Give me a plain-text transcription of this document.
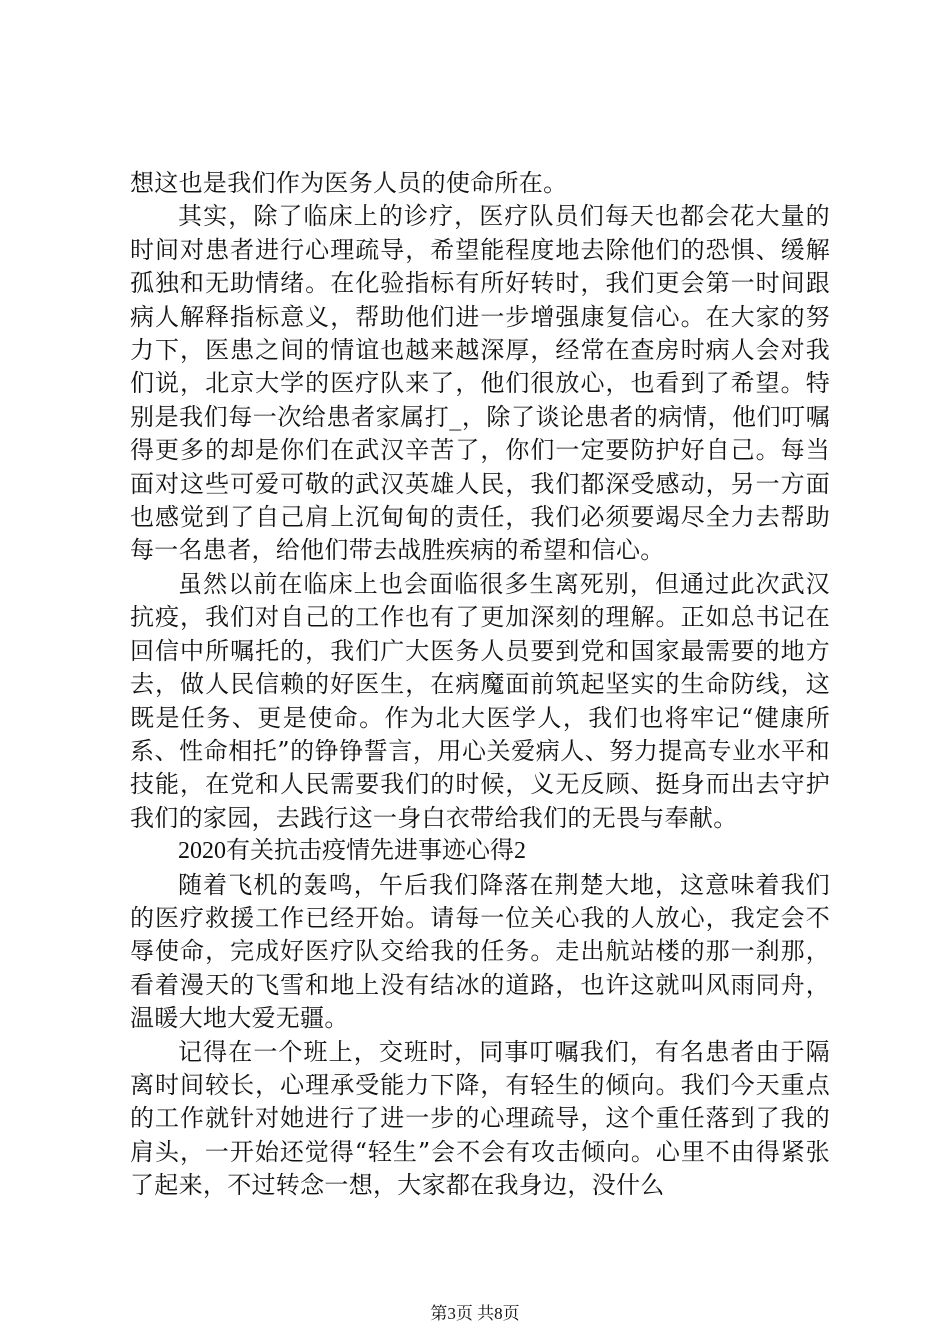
想这也是我们作为医务人员的使命所在。

其实，除了临床上的诊疗，医疗队员们每天也都会花大量的时间对患者进行心理疏导，希望能程度地去除他们的恐惧、缓解孤独和无助情绪。在化验指标有所好转时，我们更会第一时间跟病人解释指标意义，帮助他们进一步增强康复信心。在大家的努力下，医患之间的情谊也越来越深厚，经常在查房时病人会对我们说，北京大学的医疗队来了，他们很放心，也看到了希望。特别是我们每一次给患者家属打_，除了谈论患者的病情，他们叮嘱得更多的却是你们在武汉辛苦了，你们一定要防护好自己。每当面对这些可爱可敬的武汉英雄人民，我们都深受感动，另一方面也感觉到了自己肩上沉甸甸的责任，我们必须要竭尽全力去帮助每一名患者，给他们带去战胜疾病的希望和信心。

虽然以前在临床上也会面临很多生离死别，但通过此次武汉抗疫，我们对自己的工作也有了更加深刻的理解。正如总书记在回信中所嘱托的，我们广大医务人员要到党和国家最需要的地方去，做人民信赖的好医生，在病魔面前筑起坚实的生命防线，这既是任务、更是使命。作为北大医学人，我们也将牢记“健康所系、性命相托”的铮铮誓言，用心关爱病人、努力提高专业水平和技能，在党和人民需要我们的时候，义无反顾、挺身而出去守护我们的家园，去践行这一身白衣带给我们的无畏与奉献。

2020有关抗击疫情先进事迹心得2

随着飞机的轰鸣，午后我们降落在荆楚大地，这意味着我们的医疗救援工作已经开始。请每一位关心我的人放心，我定会不辱使命，完成好医疗队交给我的任务。走出航站楼的那一刹那，看着漫天的飞雪和地上没有结冰的道路，也许这就叫风雨同舟，温暖大地大爱无疆。

记得在一个班上，交班时，同事叮嘱我们，有名患者由于隔离时间较长，心理承受能力下降，有轻生的倾向。我们今天重点的工作就针对她进行了进一步的心理疏导，这个重任落到了我的肩头，一开始还觉得“轻生”会不会有攻击倾向。心里不由得紧张了起来，不过转念一想，大家都在我身边，没什么

第3页 共8页
